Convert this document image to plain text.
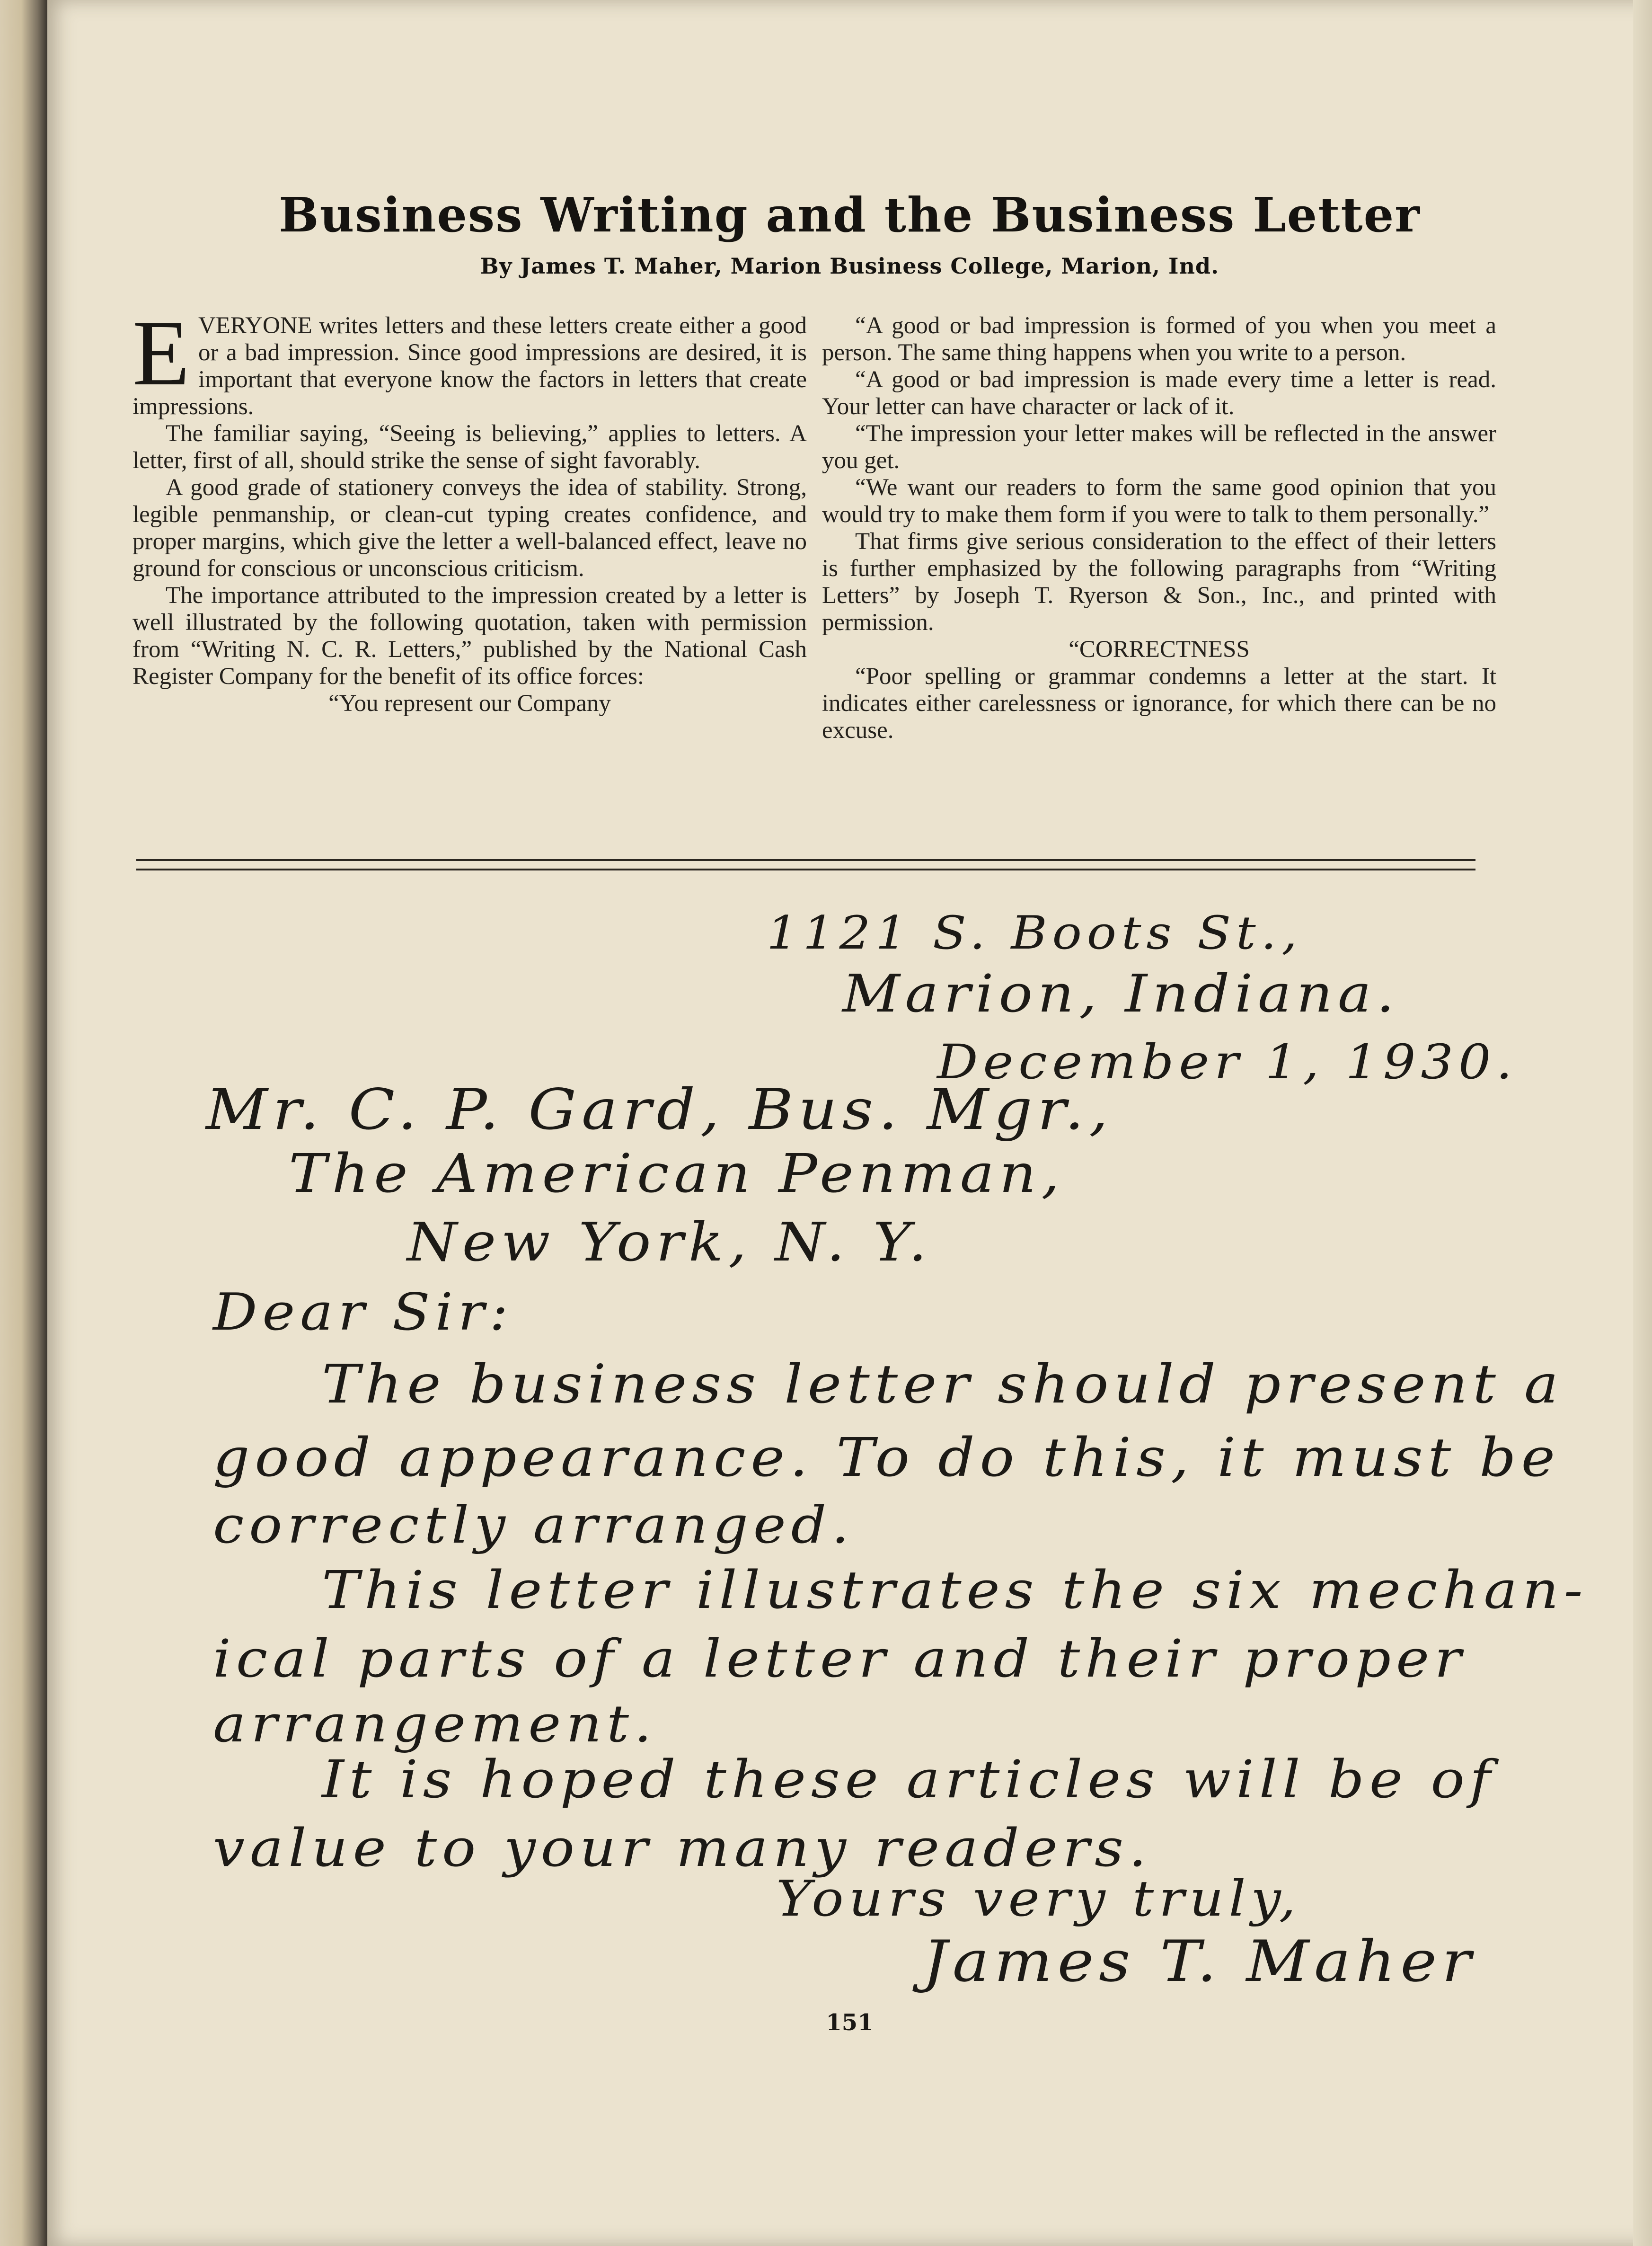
Business Writing and the Business Letter

By James T. Maher, Marion Business College, Marion, Ind.

EVERYONE writes letters and these letters create either a good or a bad impression. Since good impressions are desired, it is important that everyone know the factors in letters that create impressions.

The familiar saying, “Seeing is believing,” applies to letters. A letter, first of all, should strike the sense of sight favorably.

A good grade of stationery conveys the idea of stability. Strong, legible penmanship, or clean-cut typing creates confidence, and proper margins, which give the letter a well-balanced effect, leave no ground for conscious or unconscious criticism.

The importance attributed to the impression created by a letter is well illustrated by the following quotation, taken with permission from “Writing N. C. R. Letters,” published by the National Cash Register Company for the benefit of its office forces:

“You represent our Company

“A good or bad impression is formed of you when you meet a person. The same thing happens when you write to a person.

“A good or bad impression is made every time a letter is read. Your letter can have character or lack of it.

“The impression your letter makes will be reflected in the answer you get.

“We want our readers to form the same good opinion that you would try to make them form if you were to talk to them personally.”

That firms give serious consideration to the effect of their letters is further emphasized by the following paragraphs from “Writing Letters” by Joseph T. Ryerson & Son., Inc., and printed with permission.

“CORRECTNESS

“Poor spelling or grammar condemns a letter at the start. It indicates either carelessness or ignorance, for which there can be no excuse.

1121 S. Boots St.,

Marion, Indiana.

December 1, 1930.

Mr. C. P. Gard, Bus. Mgr.,

The American Penman,

New York, N. Y.

Dear Sir:

The business letter should present a

good appearance. To do this, it must be

correctly arranged.

This letter illustrates the six mechan-

ical parts of a letter and their proper

arrangement.

It is hoped these articles will be of

value to your many readers.

Yours very truly,

James T. Maher

151
